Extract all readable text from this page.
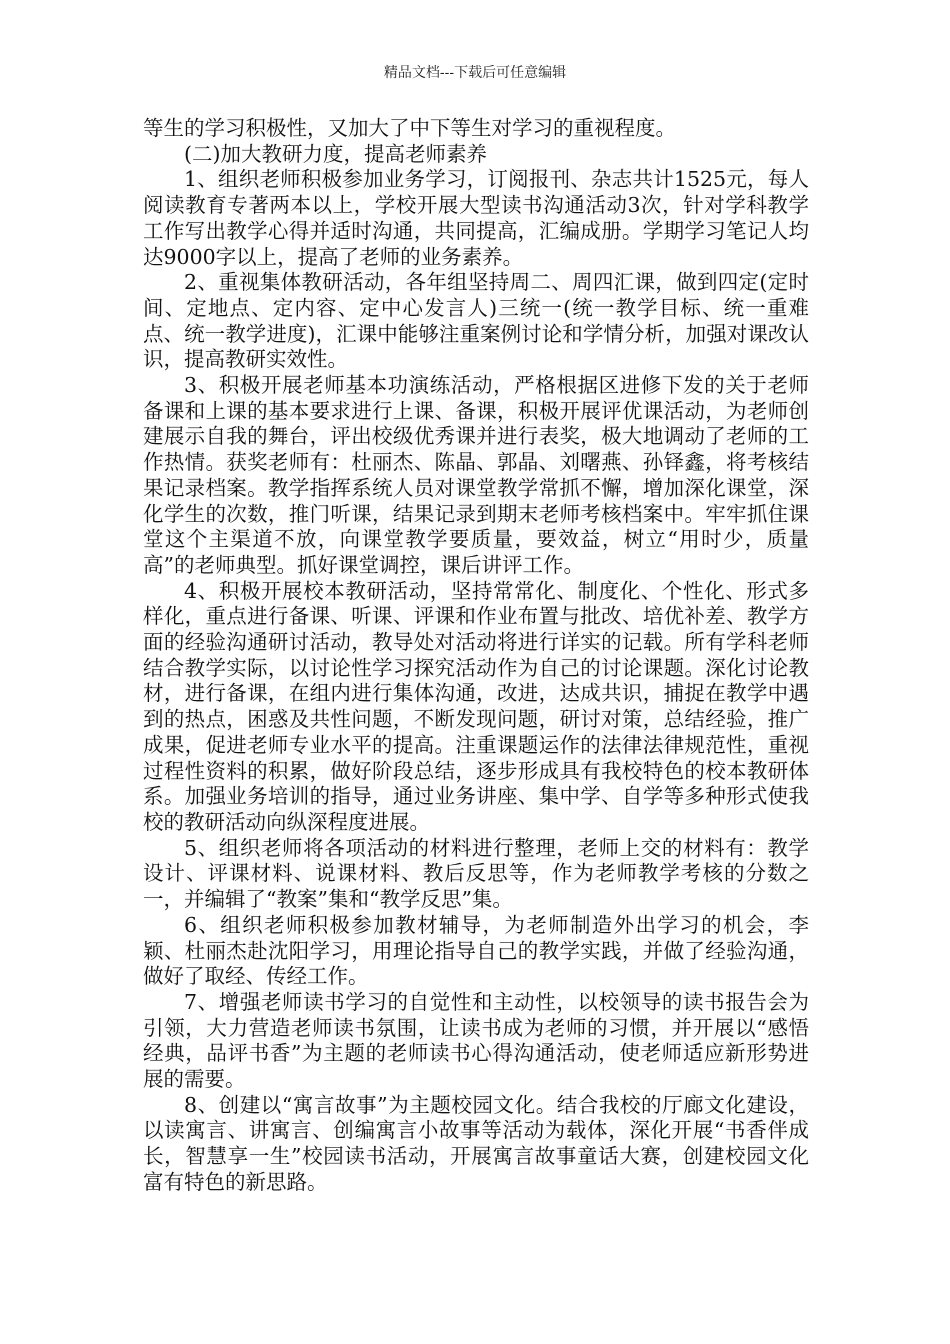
精品文档---下载后可任意编辑

等生的学习积极性，又加大了中下等生对学习的重视程度。

(二)加大教研力度，提高老师素养

1、组织老师积极参加业务学习，订阅报刊、杂志共计1525元，每人阅读教育专著两本以上，学校开展大型读书沟通活动3次，针对学科教学工作写出教学心得并适时沟通，共同提高，汇编成册。学期学习笔记人均达9000字以上，提高了老师的业务素养。

2、重视集体教研活动，各年组坚持周二、周四汇课，做到四定(定时间、定地点、定内容、定中心发言人)三统一(统一教学目标、统一重难点、统一教学进度)，汇课中能够注重案例讨论和学情分析，加强对课改认识，提高教研实效性。

3、积极开展老师基本功演练活动，严格根据区进修下发的关于老师备课和上课的基本要求进行上课、备课，积极开展评优课活动，为老师创建展示自我的舞台，评出校级优秀课并进行表奖，极大地调动了老师的工作热情。获奖老师有：杜丽杰、陈晶、郭晶、刘曙燕、孙铎鑫，将考核结果记录档案。教学指挥系统人员对课堂教学常抓不懈，增加深化课堂，深化学生的次数，推门听课，结果记录到期末老师考核档案中。牢牢抓住课堂这个主渠道不放，向课堂教学要质量，要效益，树立“用时少，质量高”的老师典型。抓好课堂调控，课后讲评工作。

4、积极开展校本教研活动，坚持常常化、制度化、个性化、形式多样化，重点进行备课、听课、评课和作业布置与批改、培优补差、教学方面的经验沟通研讨活动，教导处对活动将进行详实的记载。所有学科老师结合教学实际，以讨论性学习探究活动作为自己的讨论课题。深化讨论教材，进行备课，在组内进行集体沟通，改进，达成共识，捕捉在教学中遇到的热点，困惑及共性问题，不断发现问题，研讨对策，总结经验，推广成果，促进老师专业水平的提高。注重课题运作的法律法律规范性，重视过程性资料的积累，做好阶段总结，逐步形成具有我校特色的校本教研体系。加强业务培训的指导，通过业务讲座、集中学、自学等多种形式使我校的教研活动向纵深程度进展。

5、组织老师将各项活动的材料进行整理，老师上交的材料有：教学设计、评课材料、说课材料、教后反思等，作为老师教学考核的分数之一，并编辑了“教案”集和“教学反思”集。

6、组织老师积极参加教材辅导，为老师制造外出学习的机会，李颖、杜丽杰赴沈阳学习，用理论指导自己的教学实践，并做了经验沟通，做好了取经、传经工作。

7、增强老师读书学习的自觉性和主动性，以校领导的读书报告会为引领，大力营造老师读书氛围，让读书成为老师的习惯，并开展以“感悟经典，品评书香”为主题的老师读书心得沟通活动，使老师适应新形势进展的需要。

8、创建以“寓言故事”为主题校园文化。结合我校的厅廊文化建设，以读寓言、讲寓言、创编寓言小故事等活动为载体，深化开展“书香伴成长，智慧享一生”校园读书活动，开展寓言故事童话大赛，创建校园文化富有特色的新思路。
